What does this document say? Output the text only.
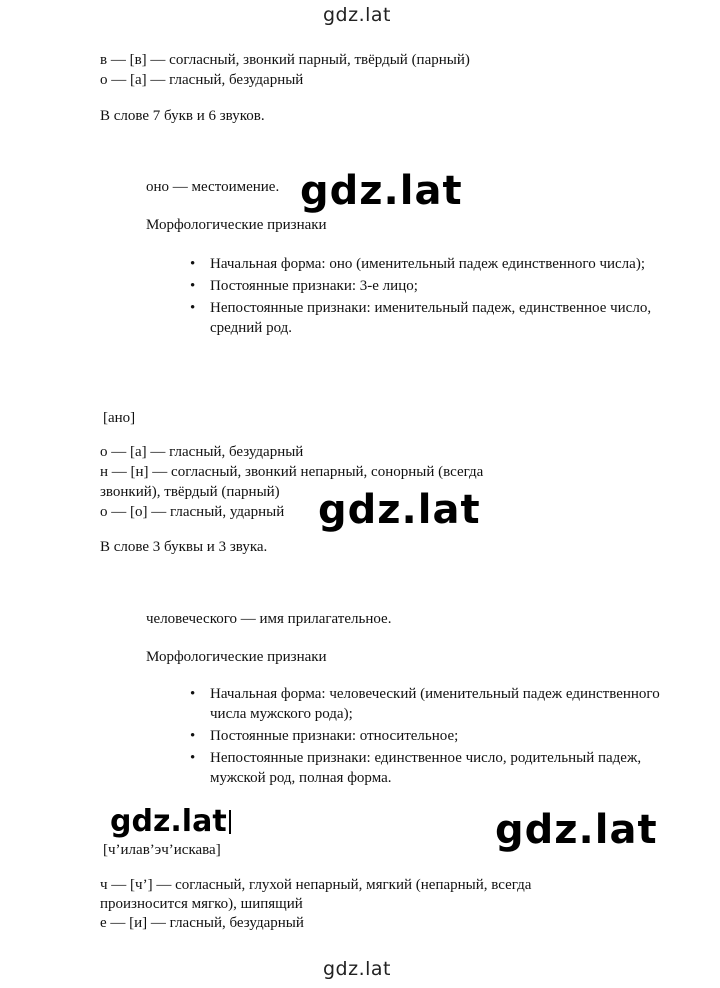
gdz.lat
gdz.lat
gdz.lat
gdz.lat	gdz.lat
gdz.lat
в — [в] — согласный, звонкий парный, твёрдый (парный)
о — [а] — гласный, безударный
В слове 7 букв и 6 звуков.
оно — местоимение.
Морфологические признаки
• Начальная форма: оно (именительный падеж единственного числа);
• Постоянные признаки: 3-е лицо;
• Непостоянные признаки: именительный падеж, единственное число, средний род.
[ано]
о — [а] — гласный, безударный
н — [н] — согласный, звонкий непарный, сонорный (всегда
звонкий), твёрдый (парный)
о — [о] — гласный, ударный
В слове 3 буквы и 3 звука.
человеческого — имя прилагательное.
Морфологические признаки
• Начальная форма: человеческий (именительный падеж единственного числа мужского рода);
• Постоянные признаки: относительное;
• Непостоянные признаки: единственное число, родительный падеж, мужской род, полная форма.
[ч’илав’эч’искава]
ч — [ч’] — согласный, глухой непарный, мягкий (непарный, всегда
произносится мягко), шипящий
е — [и] — гласный, безударный
